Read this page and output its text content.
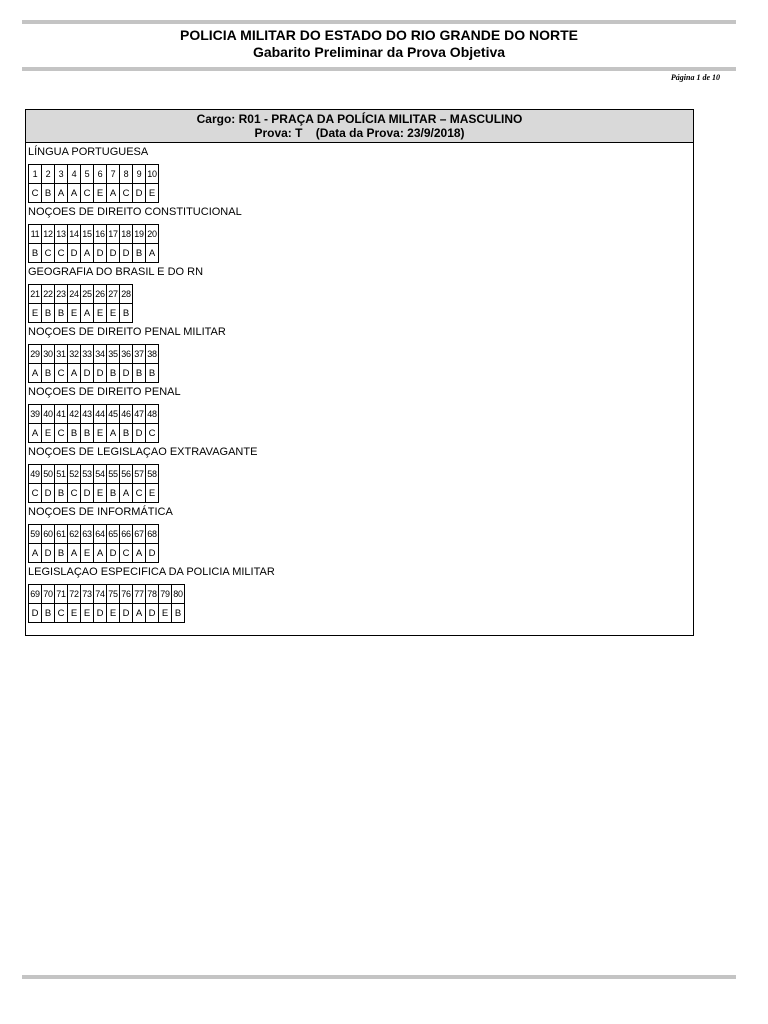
POLICIA MILITAR DO ESTADO DO RIO GRANDE DO NORTE
Gabarito Preliminar da Prova Objetiva
Página 1 de 10
Cargo: R01 - PRAÇA DA POLÍCIA MILITAR – MASCULINO
Prova: T    (Data da Prova: 23/9/2018)
LÍNGUA PORTUGUESA
1	2	3	4	5	6	7	8	9	10
C	B	A	A	C	E	A	C	D	E
NOÇOES DE DIREITO CONSTITUCIONAL
11	12	13	14	15	16	17	18	19	20
B	C	C	D	A	D	D	D	B	A
GEOGRAFIA DO BRASIL E DO RN
21	22	23	24	25	26	27	28
E	B	B	E	A	E	E	B
NOÇOES DE DIREITO PENAL MILITAR
29	30	31	32	33	34	35	36	37	38
A	B	C	A	D	D	B	D	B	B
NOÇOES DE DIREITO PENAL
39	40	41	42	43	44	45	46	47	48
A	E	C	B	B	E	A	B	D	C
NOÇOES DE LEGISLAÇAO EXTRAVAGANTE
49	50	51	52	53	54	55	56	57	58
C	D	B	C	D	E	B	A	C	E
NOÇOES DE INFORMÁTICA
59	60	61	62	63	64	65	66	67	68
A	D	B	A	E	A	D	C	A	D
LEGISLAÇAO ESPECIFICA DA POLICIA MILITAR
69	70	71	72	73	74	75	76	77	78	79	80
D	B	C	E	E	D	E	D	A	D	E	B
